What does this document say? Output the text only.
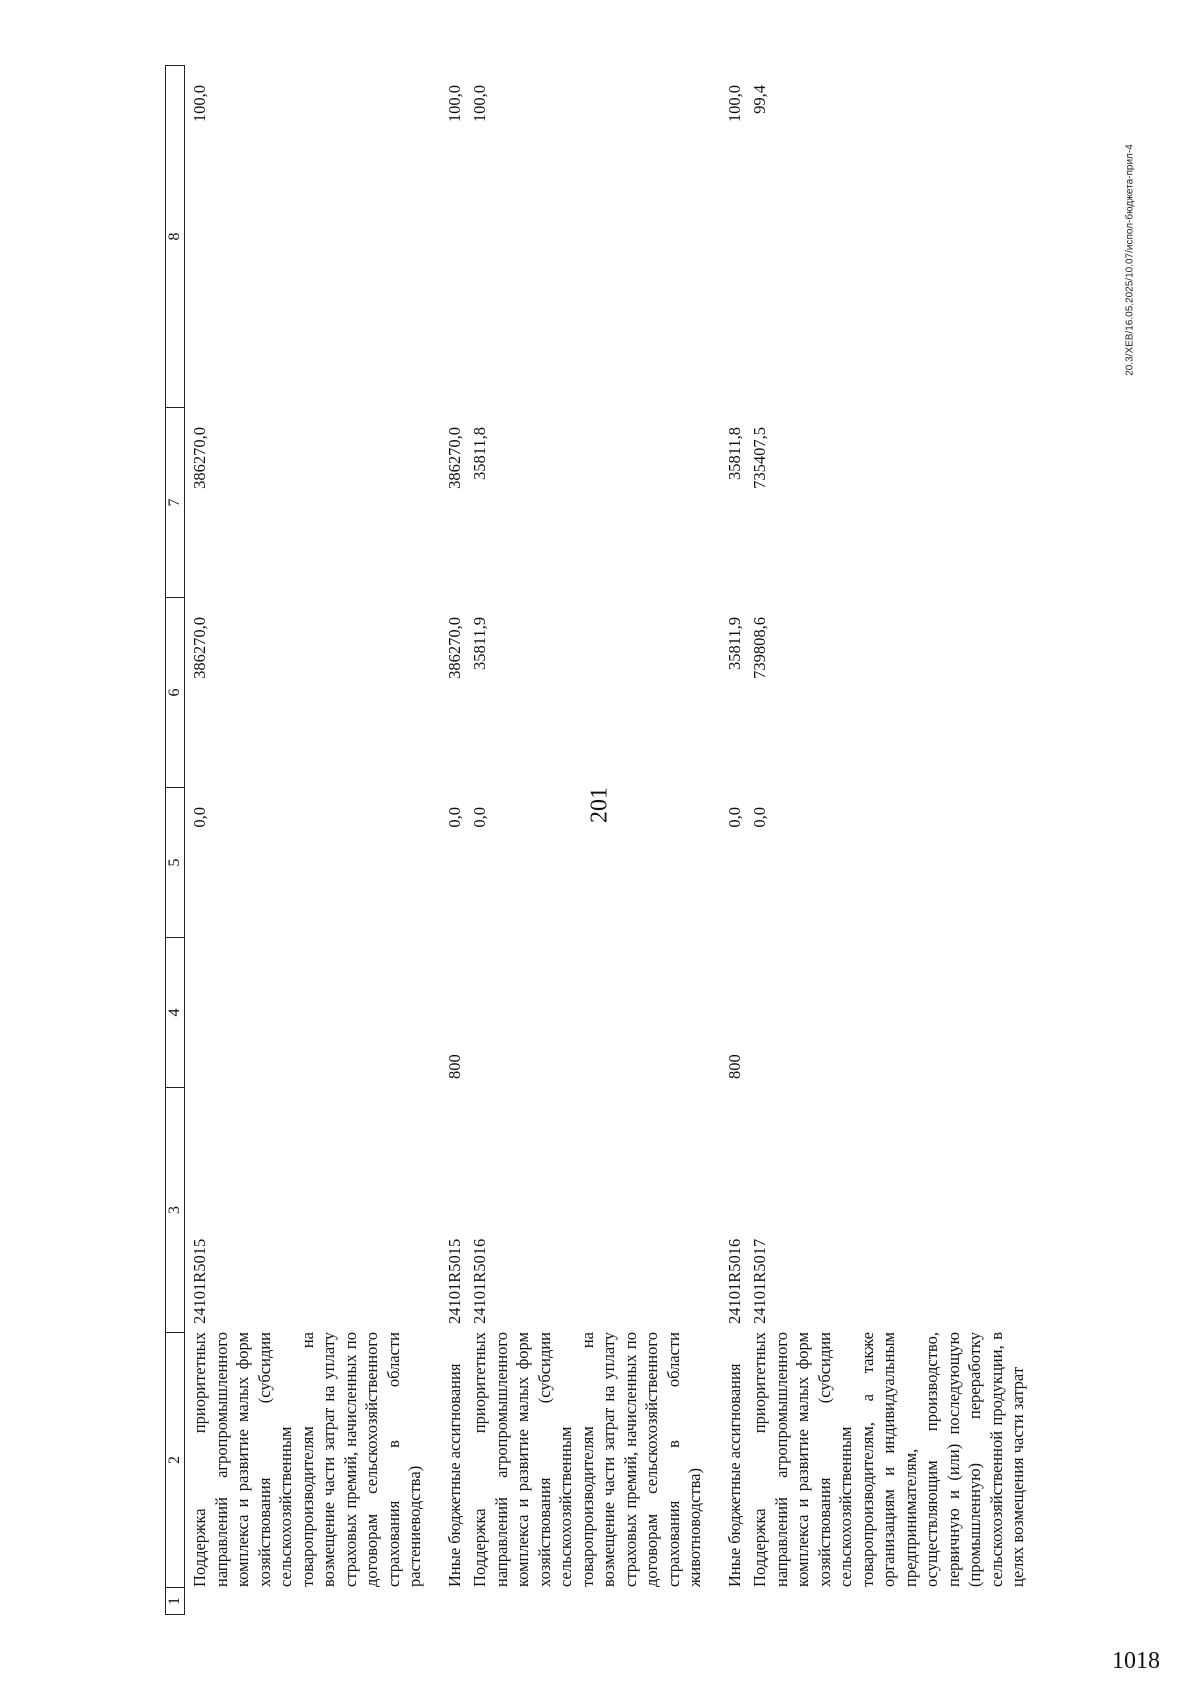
201
20.3/ХЕВ/16.05.2025/10.07/испол-бюджета-прил-4
1018
1
2
3
4
5
6
7
8
Поддержка приоритетных направлений агропромышленного комплекса и развитие малых форм хозяйствования (субсидии сельскохозяйственным товаропроизводителям на возмещение части затрат на уплату страховых премий, начисленных по договорам сельскохозяйственного страхования в области растениеводства)
24101R5015
0,0
386270,0
386270,0
100,0
Иные бюджетные ассигнования
24101R5015
800
0,0
386270,0
386270,0
100,0
Поддержка приоритетных направлений агропромышленного комплекса и развитие малых форм хозяйствования (субсидии сельскохозяйственным товаропроизводителям на возмещение части затрат на уплату страховых премий, начисленных по договорам сельскохозяйственного страхования в области животноводства)
24101R5016
0,0
35811,9
35811,8
100,0
Иные бюджетные ассигнования
24101R5016
800
0,0
35811,9
35811,8
100,0
Поддержка приоритетных направлений агропромышленного комплекса и развитие малых форм хозяйствования (субсидии сельскохозяйственным товаропроизводителям, а также организациям и индивидуальным предпринимателям, осуществляющим производство, первичную и (или) последующую (промышленную) переработку сельскохозяйственной продукции, в целях возмещения части затрат
24101R5017
0,0
739808,6
735407,5
99,4
